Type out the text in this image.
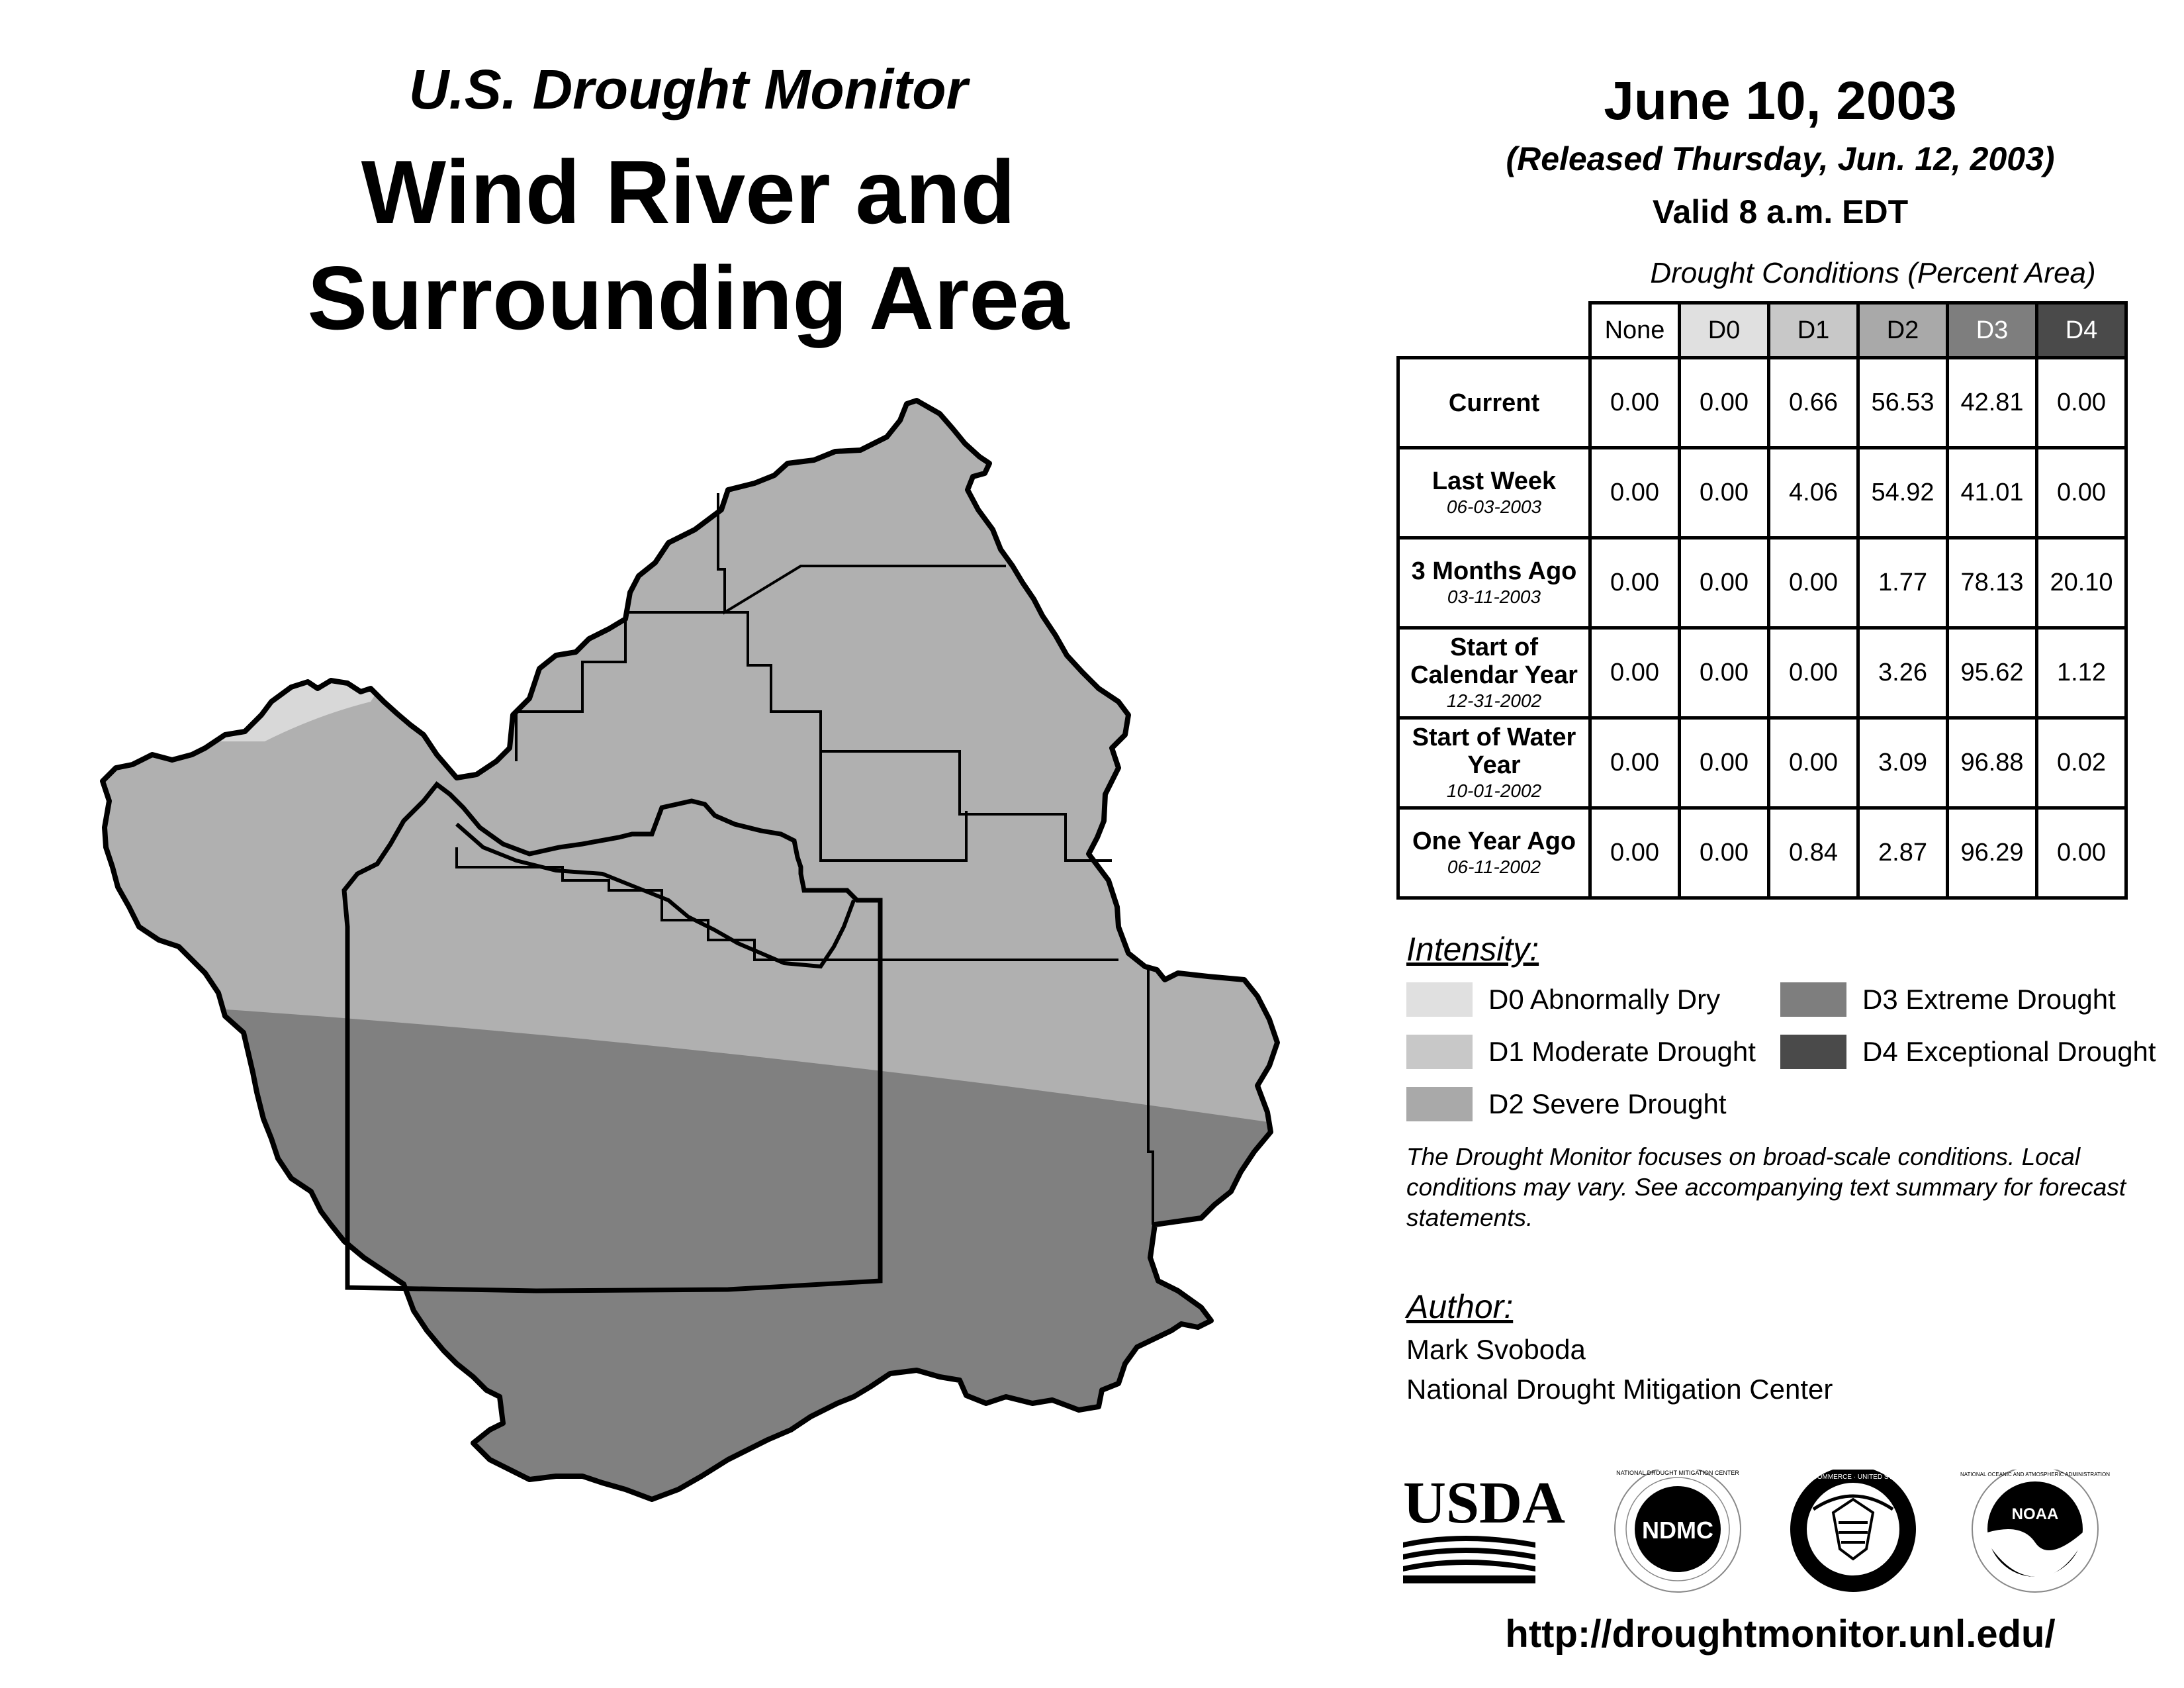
U.S. Drought Monitor
Wind River and
Surrounding Area
June 10, 2003
(Released Thursday, Jun. 12, 2003)
Valid 8 a.m. EDT
Drought Conditions (Percent Area)
	None	D0	D1	D2	D3	D4
Current	0.00	0.00	0.66	56.53	42.81	0.00
Last Week
06-03-2003	0.00	0.00	4.06	54.92	41.01	0.00
3 Months Ago
03-11-2003	0.00	0.00	0.00	1.77	78.13	20.10
Start of Calendar Year
12-31-2002	0.00	0.00	0.00	3.26	95.62	1.12
Start of Water Year
10-01-2002	0.00	0.00	0.00	3.09	96.88	0.02
One Year Ago
06-11-2002	0.00	0.00	0.84	2.87	96.29	0.00
Intensity:
D0 Abnormally Dry
D1 Moderate Drought
D2 Severe Drought
D3 Extreme Drought
D4 Exceptional Drought
The Drought Monitor focuses on broad-scale conditions. Local conditions may vary. See accompanying text summary for forecast statements.
Author:
Mark Svoboda
National Drought Mitigation Center
USDA	NDMC
NATIONAL DROUGHT MITIGATION CENTER
DEPARTMENT OF COMMERCE · UNITED STATES OF AMERICA
NOAA
NATIONAL OCEANIC AND ATMOSPHERIC ADMINISTRATION
http://droughtmonitor.unl.edu/
